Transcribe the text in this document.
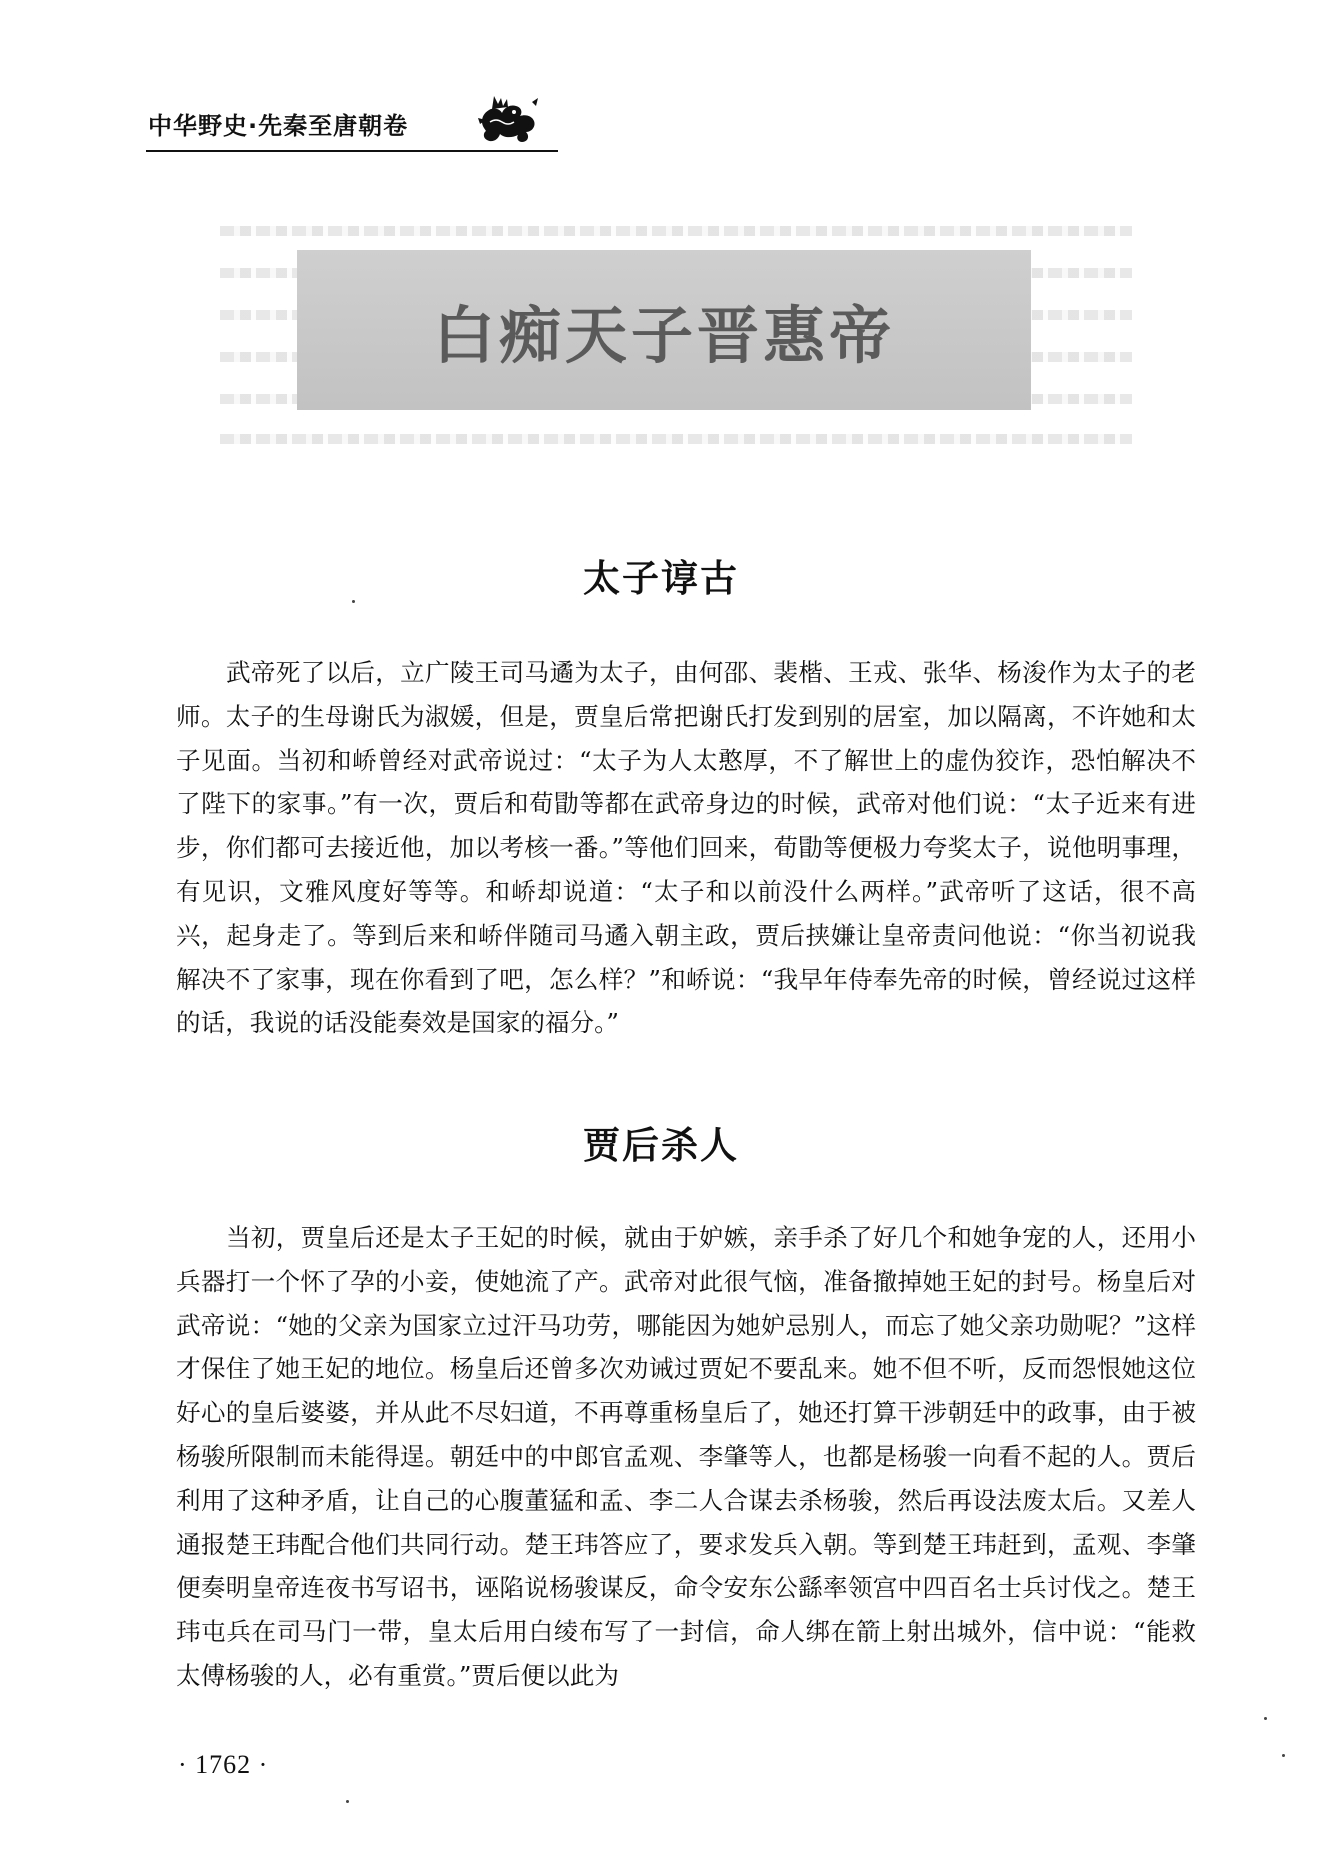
中华野史·先秦至唐朝卷
白痴天子晋惠帝
太子谆古

武帝死了以后，立广陵王司马遹为太子，由何邵、裴楷、王戎、张华、杨浚作为太子的老师。太子的生母谢氏为淑媛，但是，贾皇后常把谢氏打发到别的居室，加以隔离，不许她和太子见面。当初和峤曾经对武帝说过：“太子为人太憨厚，不了解世上的虚伪狡诈，恐怕解决不了陛下的家事。”有一次，贾后和荀勖等都在武帝身边的时候，武帝对他们说：“太子近来有进步，你们都可去接近他，加以考核一番。”等他们回来，荀勖等便极力夸奖太子，说他明事理，有见识，文雅风度好等等。和峤却说道：“太子和以前没什么两样。”武帝听了这话，很不高兴，起身走了。等到后来和峤伴随司马遹入朝主政，贾后挟嫌让皇帝责问他说：“你当初说我解决不了家事，现在你看到了吧，怎么样？”和峤说：“我早年侍奉先帝的时候，曾经说过这样的话，我说的话没能奏效是国家的福分。”

贾后杀人

当初，贾皇后还是太子王妃的时候，就由于妒嫉，亲手杀了好几个和她争宠的人，还用小兵器打一个怀了孕的小妾，使她流了产。武帝对此很气恼，准备撤掉她王妃的封号。杨皇后对武帝说：“她的父亲为国家立过汗马功劳，哪能因为她妒忌别人，而忘了她父亲功勋呢？”这样才保住了她王妃的地位。杨皇后还曾多次劝诫过贾妃不要乱来。她不但不听，反而怨恨她这位好心的皇后婆婆，并从此不尽妇道，不再尊重杨皇后了，她还打算干涉朝廷中的政事，由于被杨骏所限制而未能得逞。朝廷中的中郎官孟观、李肇等人，也都是杨骏一向看不起的人。贾后利用了这种矛盾，让自己的心腹董猛和孟、李二人合谋去杀杨骏，然后再设法废太后。又差人通报楚王玮配合他们共同行动。楚王玮答应了，要求发兵入朝。等到楚王玮赶到，孟观、李肇便奏明皇帝连夜书写诏书，诬陷说杨骏谋反，命令安东公繇率领宫中四百名士兵讨伐之。楚王玮屯兵在司马门一带，皇太后用白绫布写了一封信，命人绑在箭上射出城外，信中说：“能救太傅杨骏的人，必有重赏。”贾后便以此为

· 1762 ·
